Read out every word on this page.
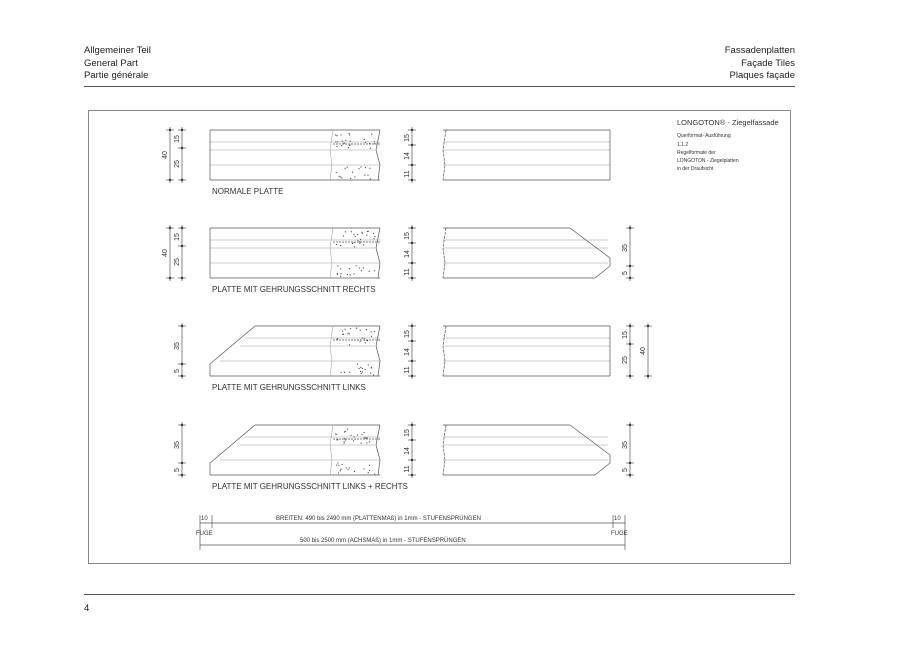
Allgemeiner Teil
General Part
Partie générale
Fassadenplatten
Façade Tiles
Plaques façade
4
LONGOTON® - Ziegelfassade
Querformat- Ausführung
1.1.2
Regelformate der
LONGOTON - Ziegelplatten
in der Draufsicht
NORMALE PLATTE
15
14
11
40
15
25
PLATTE MIT GEHRUNGSSCHNITT RECHTS
15
14
11
40
15
25
35
5
PLATTE MIT GEHRUNGSSCHNITT LINKS
15
14
11
35
5
15
25
40
PLATTE MIT GEHRUNGSSCHNITT LINKS + RECHTS
15
14
11
35
5
35
5
10	10
FUGE	FUGE
BREITEN: 490 bis 2490 mm (PLATTENMAß) in 1mm - STUFENSPRÜNGEN
500 bis 2500 mm (ACHSMAß) in 1mm - STUFENSPRÜNGEN
